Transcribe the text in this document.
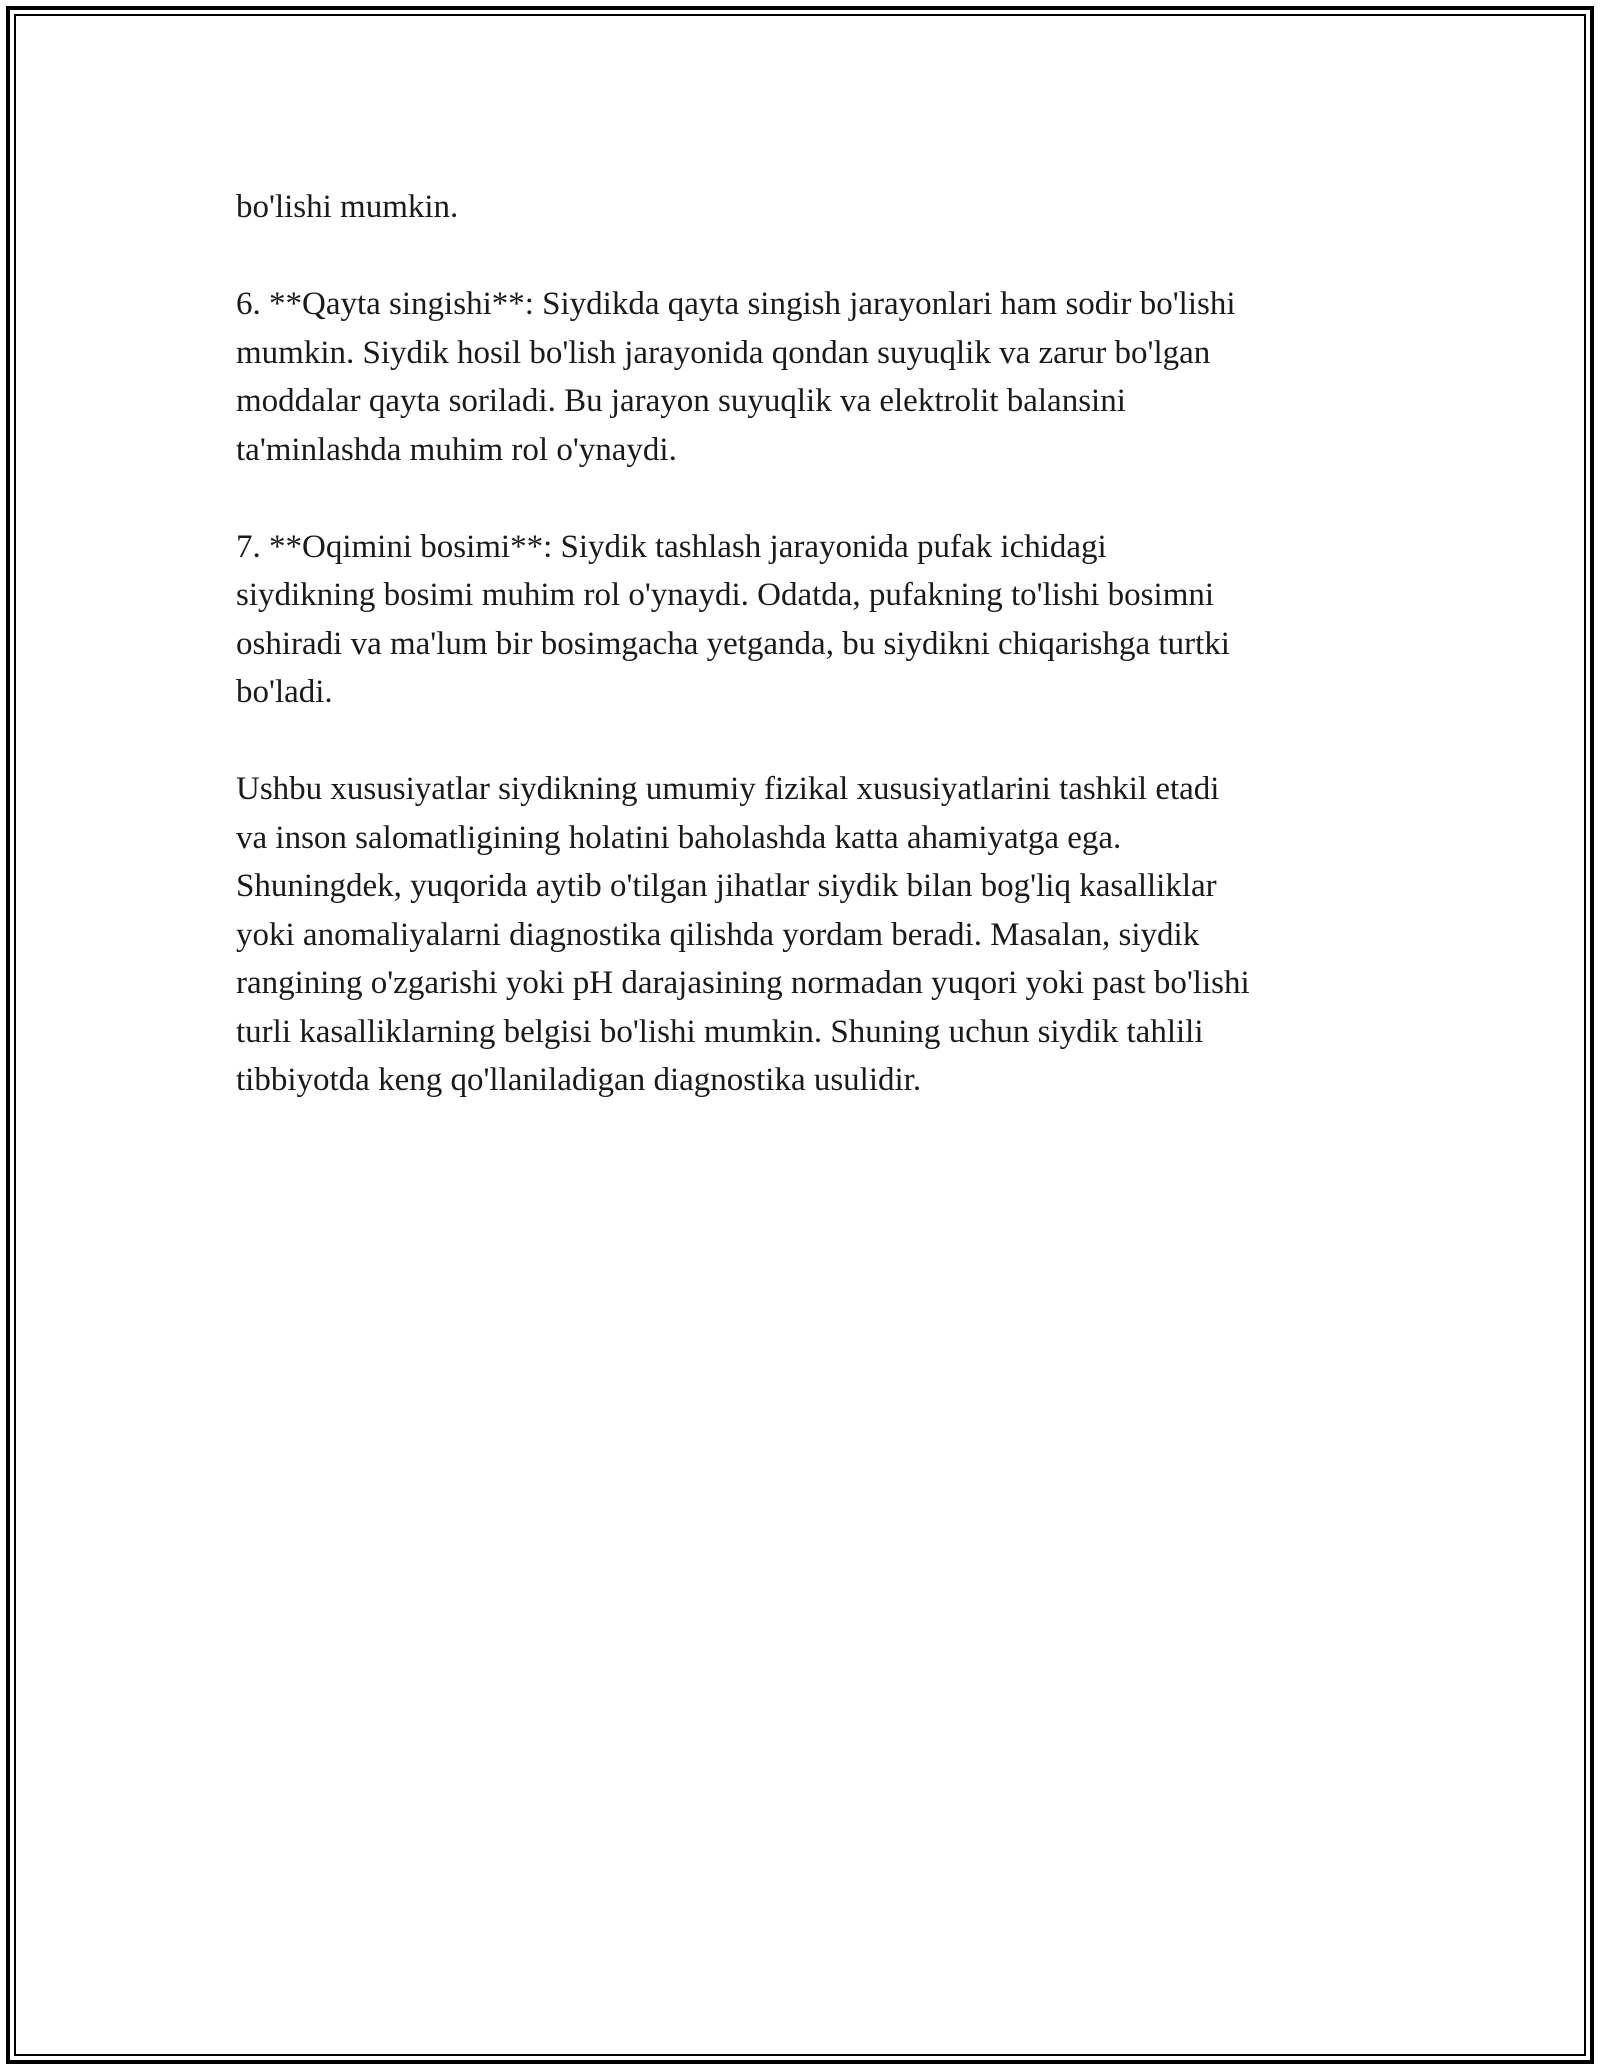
bo'lishi mumkin.
6. **Qayta singishi**: Siydikda qayta singish jarayonlari ham sodir bo'lishi
mumkin. Siydik hosil bo'lish jarayonida qondan suyuqlik va zarur bo'lgan
moddalar qayta soriladi. Bu jarayon suyuqlik va elektrolit balansini
ta'minlashda muhim rol o'ynaydi.
7. **Oqimini bosimi**: Siydik tashlash jarayonida pufak ichidagi
siydikning bosimi muhim rol o'ynaydi. Odatda, pufakning to'lishi bosimni
oshiradi va ma'lum bir bosimgacha yetganda, bu siydikni chiqarishga turtki
bo'ladi.
Ushbu xususiyatlar siydikning umumiy fizikal xususiyatlarini tashkil etadi
va inson salomatligining holatini baholashda katta ahamiyatga ega.
Shuningdek, yuqorida aytib o'tilgan jihatlar siydik bilan bog'liq kasalliklar
yoki anomaliyalarni diagnostika qilishda yordam beradi. Masalan, siydik
rangining o'zgarishi yoki pH darajasining normadan yuqori yoki past bo'lishi
turli kasalliklarning belgisi bo'lishi mumkin. Shuning uchun siydik tahlili
tibbiyotda keng qo'llaniladigan diagnostika usulidir.
